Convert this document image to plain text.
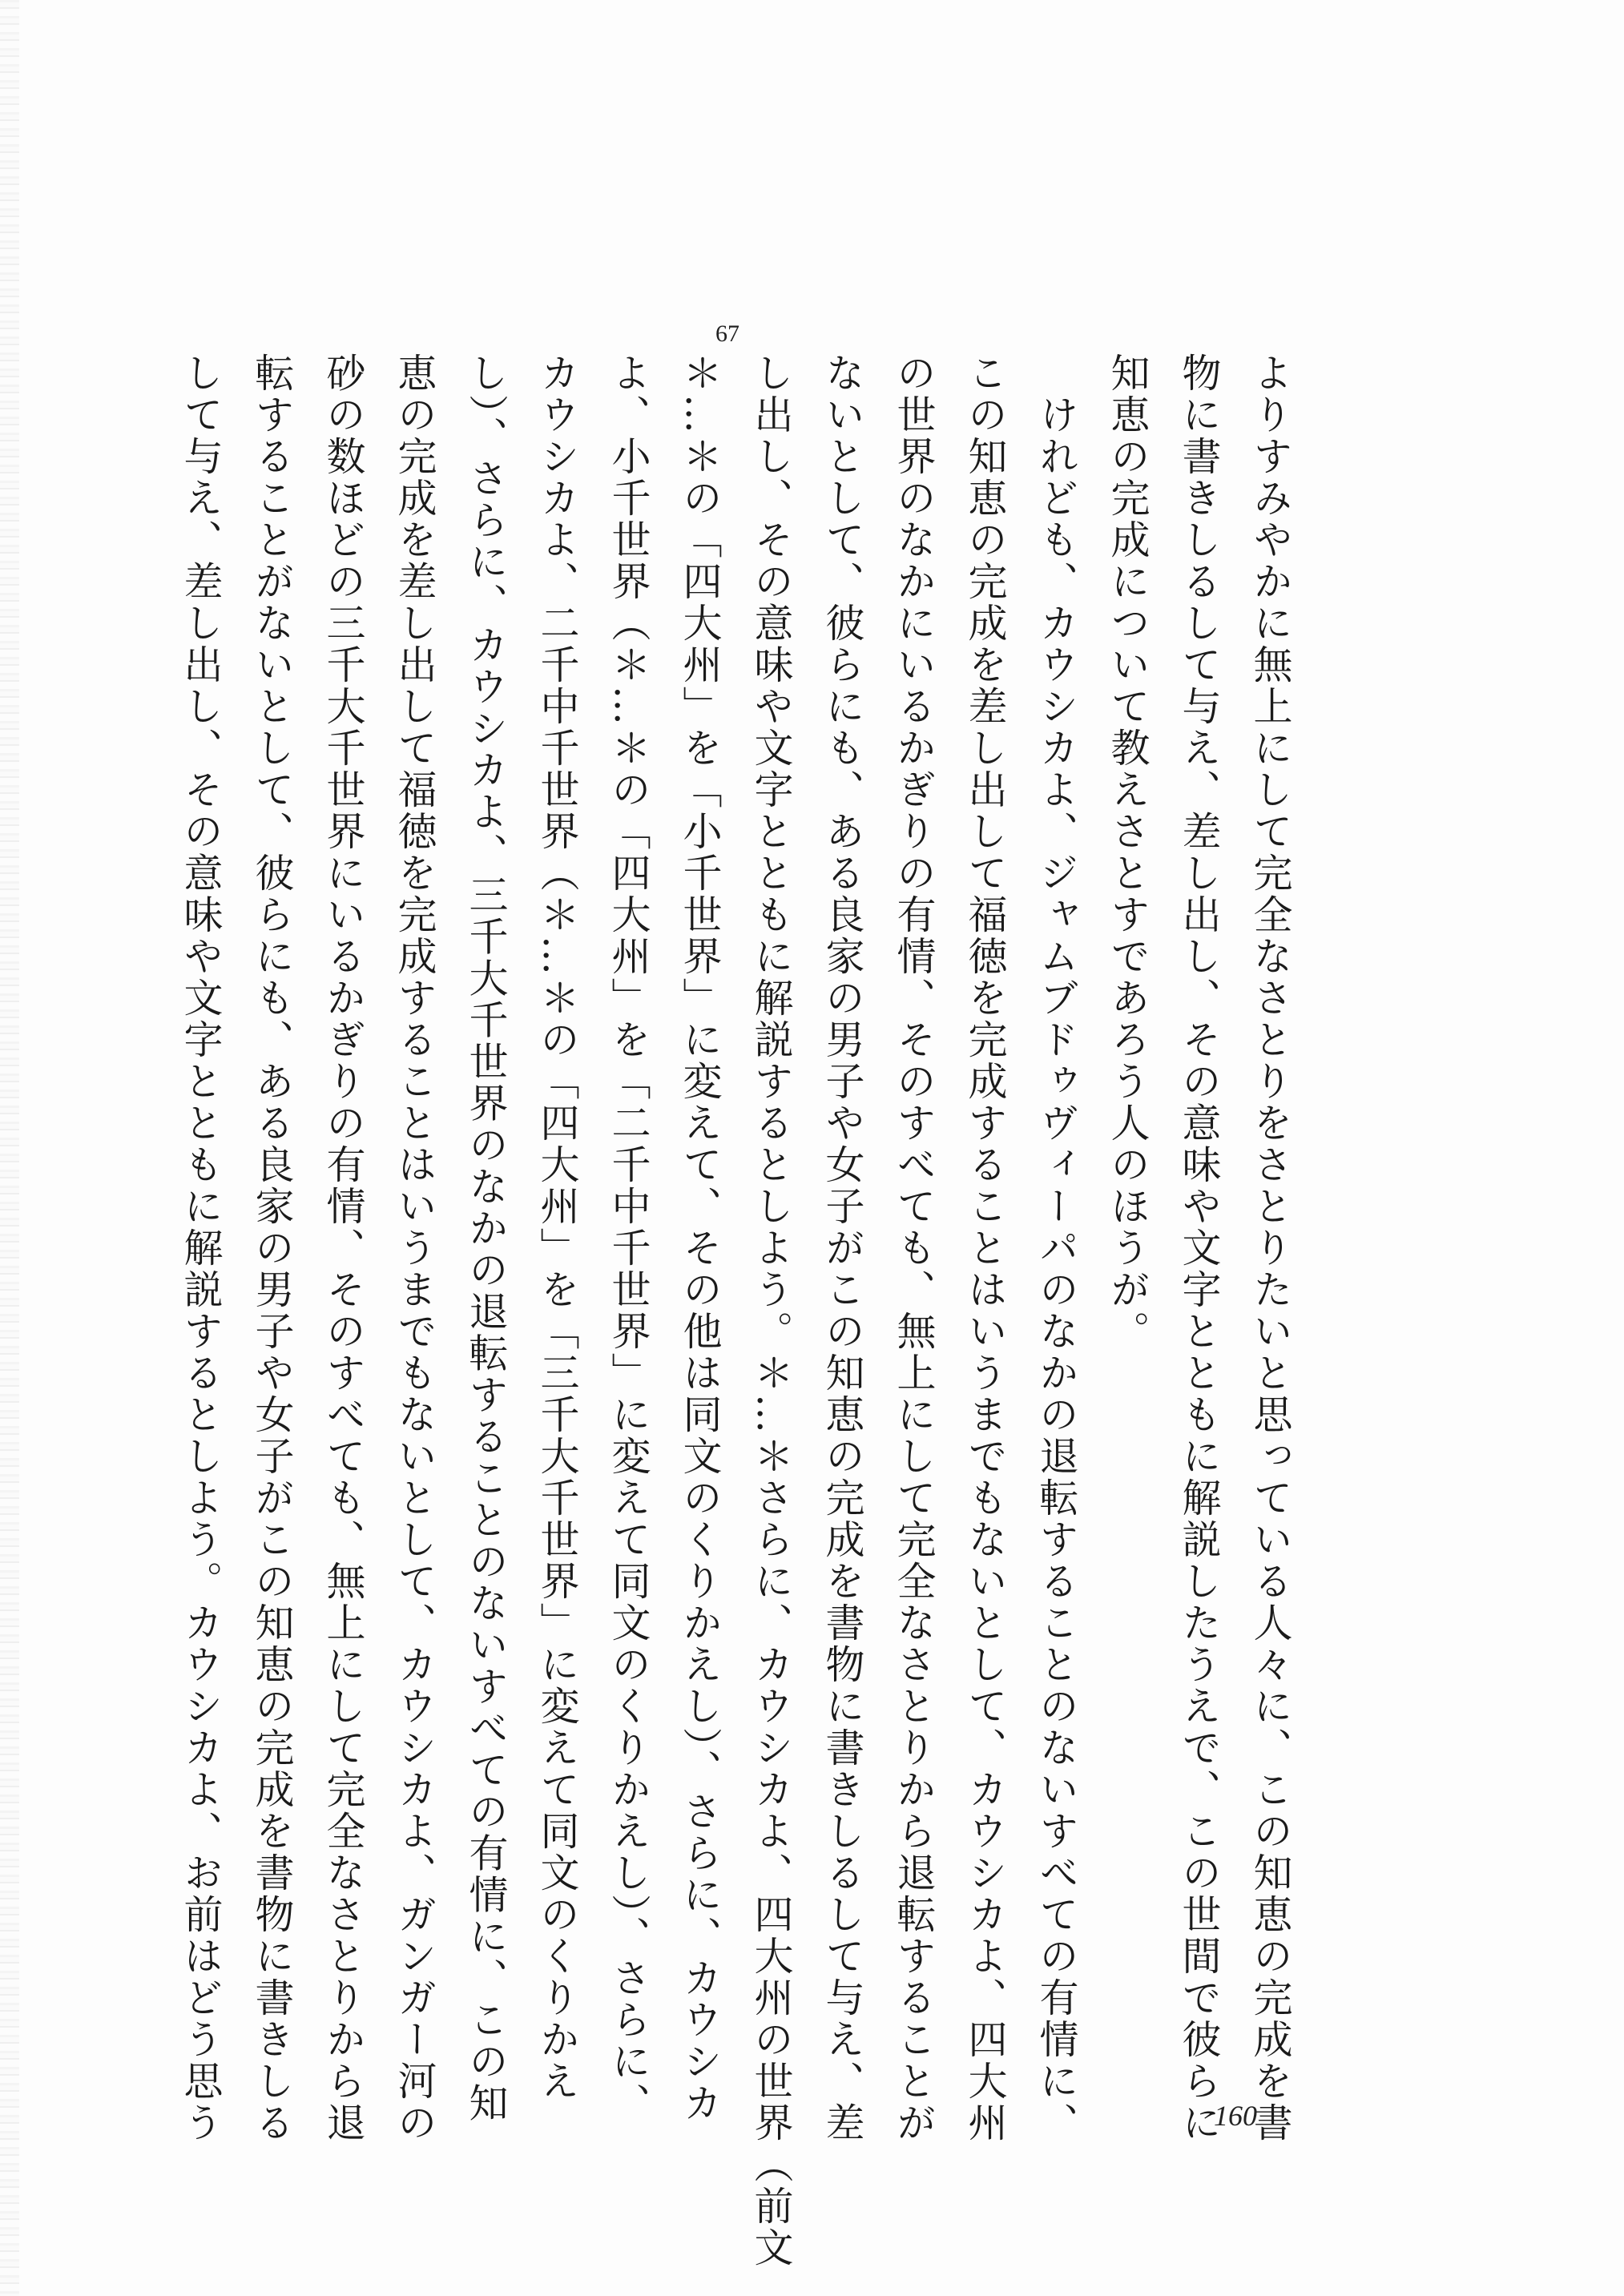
67
よりすみやかに無上にして完全なさとりをさとりたいと思っている人々に、この知恵の完成を書
物に書きしるして与え、差し出し、その意味や文字とともに解説したうえで、この世間で彼らに
知恵の完成について教えさとすであろう人のほうが。
　けれども、カウシカよ、ジャムブドゥヴィーパのなかの退転することのないすべての有情に、
この知恵の完成を差し出して福徳を完成することはいうまでもないとして、カウシカよ、四大州
の世界のなかにいるかぎりの有情、そのすべても、無上にして完全なさとりから退転することが
ないとして、彼らにも、ある良家の男子や女子がこの知恵の完成を書物に書きしるして与え、差
し出し、その意味や文字とともに解説するとしよう。＊…＊さらに、カウシカよ、四大州の世界（前文
＊…＊の「四大州」を「小千世界」に変えて、その他は同文のくりかえし）、さらに、カウシカ
よ、小千世界（＊…＊の「四大州」を「二千中千世界」に変えて同文のくりかえし）、さらに、
カウシカよ、二千中千世界（＊…＊の「四大州」を「三千大千世界」に変えて同文のくりかえ
し）、さらに、カウシカよ、三千大千世界のなかの退転することのないすべての有情に、この知
恵の完成を差し出して福徳を完成することはいうまでもないとして、カウシカよ、ガンガー河の
砂の数ほどの三千大千世界にいるかぎりの有情、そのすべても、無上にして完全なさとりから退
転することがないとして、彼らにも、ある良家の男子や女子がこの知恵の完成を書物に書きしる
して与え、差し出し、その意味や文字とともに解説するとしよう。カウシカよ、お前はどう思う	160
